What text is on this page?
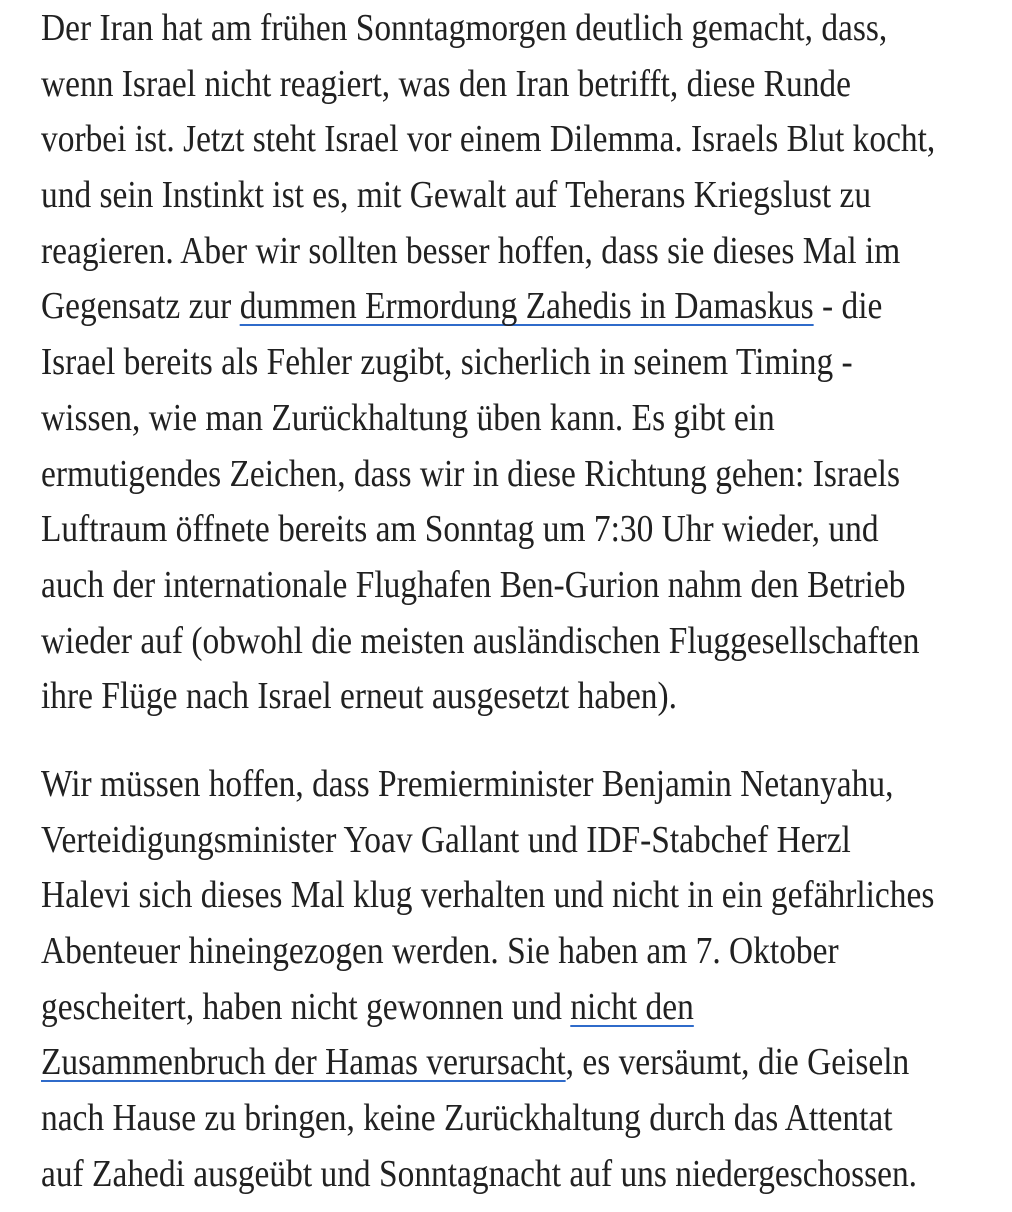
Der Iran hat am frühen Sonntagmorgen deutlich gemacht, dass,
wenn Israel nicht reagiert, was den Iran betrifft, diese Runde
vorbei ist. Jetzt steht Israel vor einem Dilemma. Israels Blut kocht,
und sein Instinkt ist es, mit Gewalt auf Teherans Kriegslust zu
reagieren. Aber wir sollten besser hoffen, dass sie dieses Mal im
Gegensatz zur dummen Ermordung Zahedis in Damaskus - die
Israel bereits als Fehler zugibt, sicherlich in seinem Timing -
wissen, wie man Zurückhaltung üben kann. Es gibt ein
ermutigendes Zeichen, dass wir in diese Richtung gehen: Israels
Luftraum öffnete bereits am Sonntag um 7:30 Uhr wieder, und
auch der internationale Flughafen Ben-Gurion nahm den Betrieb
wieder auf (obwohl die meisten ausländischen Fluggesellschaften
ihre Flüge nach Israel erneut ausgesetzt haben).
Wir müssen hoffen, dass Premierminister Benjamin Netanyahu,
Verteidigungsminister Yoav Gallant und IDF-Stabchef Herzl
Halevi sich dieses Mal klug verhalten und nicht in ein gefährliches
Abenteuer hineingezogen werden. Sie haben am 7. Oktober
gescheitert, haben nicht gewonnen und nicht den
Zusammenbruch der Hamas verursacht, es versäumt, die Geiseln
nach Hause zu bringen, keine Zurückhaltung durch das Attentat
auf Zahedi ausgeübt und Sonntagnacht auf uns niedergeschossen.
